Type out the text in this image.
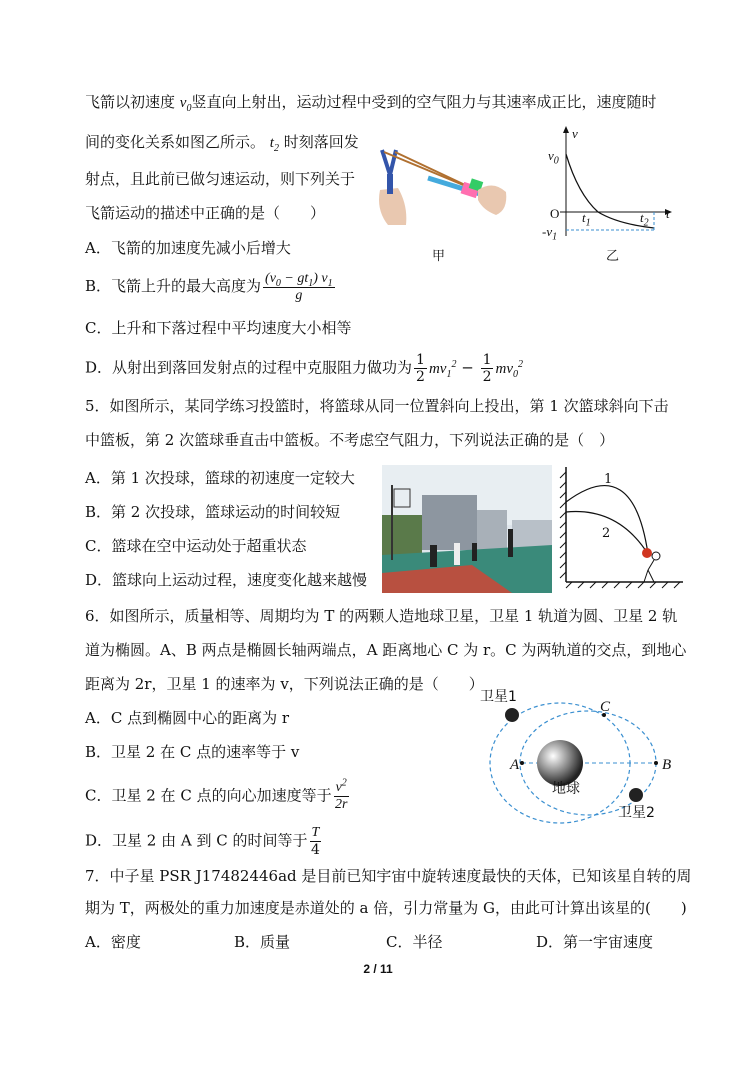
飞箭以初速度 $v_0$竖直向上射出，运动过程中受到的空气阻力与其速率成正比，速度随时
间的变化关系如图乙所示。 $t_2$ 时刻落回发
射点，且此前已做匀速运动，则下列关于
飞箭运动的描述中正确的是（　　）
A．飞箭的加速度先减小后增大
B．飞箭上升的最大高度为 $\frac{(v_0 - gt_1) v_1}{g}$
C．上升和下落过程中平均速度大小相等
D．从射出到落回发射点的过程中克服阻力做功为 $\frac{1}{2} mv_1^2 - \frac{1}{2} mv_0^2$
甲
v
$v_0$
O $t_1$	$t_2$
t
$-v_1$
乙
5．如图所示，某同学练习投篮时，将篮球从同一位置斜向上投出，第 1 次篮球斜向下击
中篮板，第 2 次篮球垂直击中篮板。不考虑空气阻力，下列说法正确的是（　）
A．第 1 次投球，篮球的初速度一定较大
B．第 2 次投球，篮球运动的时间较短
C．篮球在空中运动处于超重状态
D．篮球向上运动过程，速度变化越来越慢
1
2
6．如图所示，质量相等、周期均为 T 的两颗人造地球卫星，卫星 1 轨道为圆、卫星 2 轨
道为椭圆。A、B 两点是椭圆长轴两端点，A 距离地心 C 为 r。C 为两轨道的交点，到地心
距离为 2r，卫星 1 的速率为 v，下列说法正确的是（　　）
A．C 点到椭圆中心的距离为 r
B．卫星 2 在 C 点的速率等于 v
C．卫星 2 在 C 点的向心加速度等于 $\frac{v^2}{2r}$
D．卫星 2 由 A 到 C 的时间等于 $\frac{T}{4}$
卫星1
卫星2
地球
A	B
C
7．中子星 PSR J17482446ad 是目前已知宇宙中旋转速度最快的天体，已知该星自转的周
期为 T，两极处的重力加速度是赤道处的 a 倍，引力常量为 G，由此可计算出该星的(　　)
A．密度	B．质量	C．半径	D．第一宇宙速度
2 / 11
